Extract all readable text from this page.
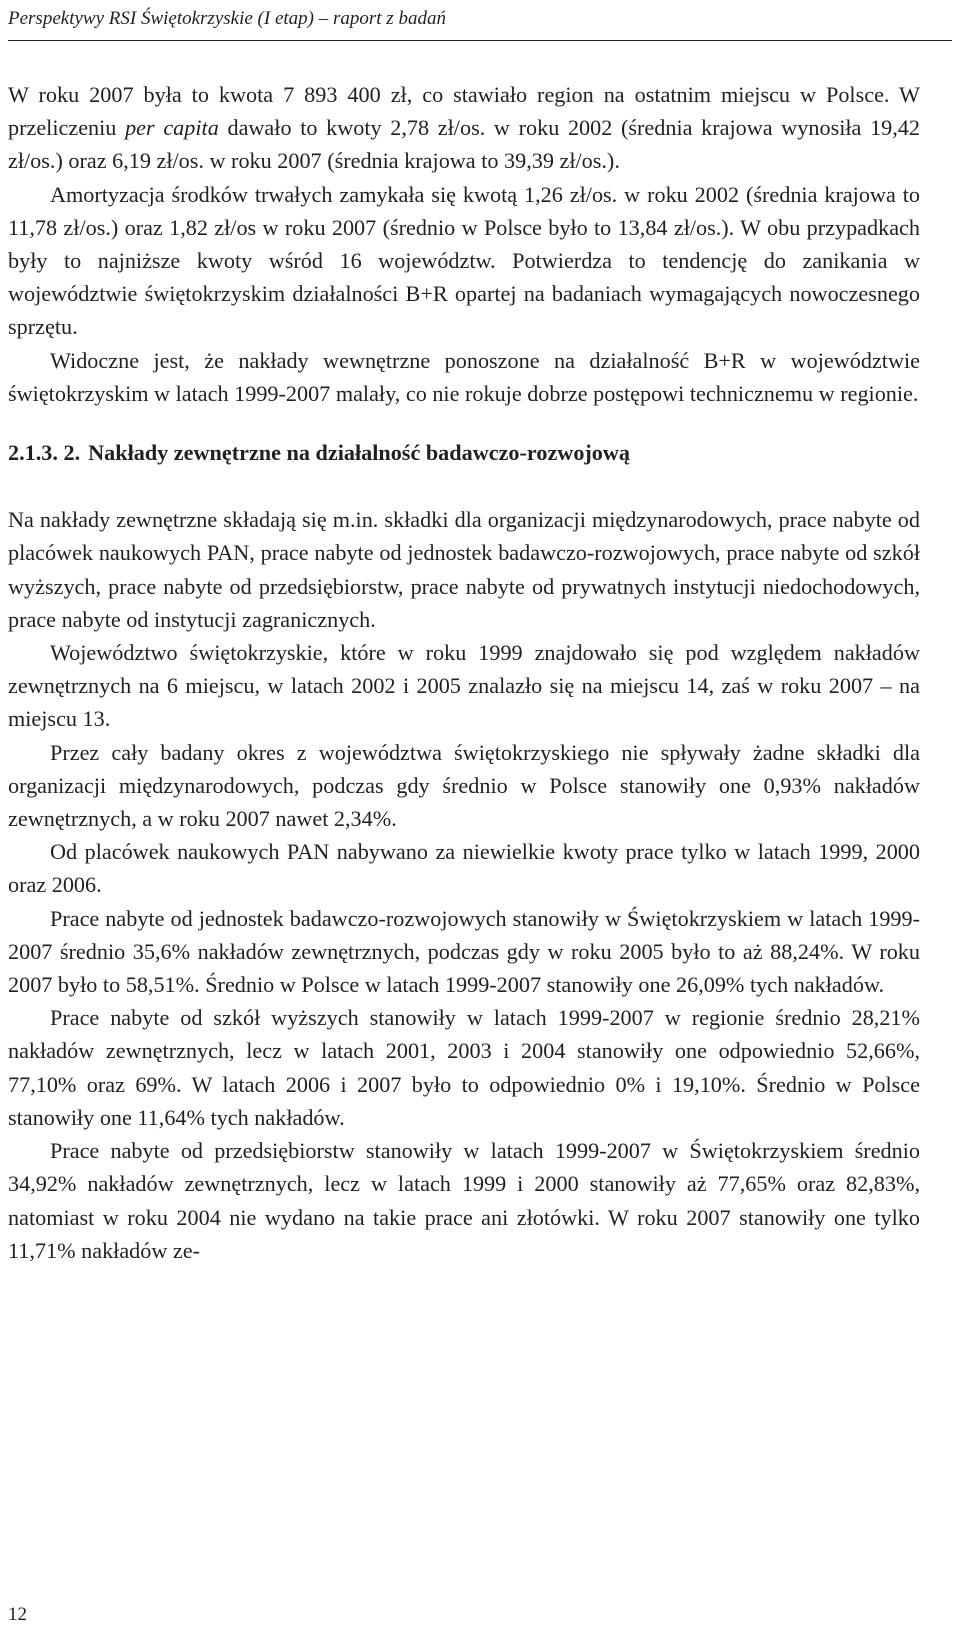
Perspektywy RSI Świętokrzyskie (I etap) – raport z badań

W roku 2007 była to kwota 7 893 400 zł, co stawiało region na ostatnim miejscu w Polsce. W przeliczeniu per capita dawało to kwoty 2,78 zł/os. w roku 2002 (średnia krajowa wynosiła 19,42 zł/os.) oraz 6,19 zł/os. w roku 2007 (średnia krajowa to 39,39 zł/os.).

Amortyzacja środków trwałych zamykała się kwotą 1,26 zł/os. w roku 2002 (średnia krajowa to 11,78 zł/os.) oraz 1,82 zł/os w roku 2007 (średnio w Polsce było to 13,84 zł/os.). W obu przypadkach były to najniższe kwoty wśród 16 województw. Potwierdza to tendencję do zanikania w województwie świętokrzyskim działalności B+R opartej na badaniach wymagających nowoczesnego sprzętu.

Widoczne jest, że nakłady wewnętrzne ponoszone na działalność B+R w województwie świętokrzyskim w latach 1999-2007 malały, co nie rokuje dobrze postępowi technicznemu w regionie.

2.1.3. 2. Nakłady zewnętrzne na działalność badawczo-rozwojową

Na nakłady zewnętrzne składają się m.in. składki dla organizacji międzynarodowych, prace nabyte od placówek naukowych PAN, prace nabyte od jednostek badawczo-rozwojowych, prace nabyte od szkół wyższych, prace nabyte od przedsiębiorstw, prace nabyte od prywatnych instytucji niedochodowych, prace nabyte od instytucji zagranicznych.

Województwo świętokrzyskie, które w roku 1999 znajdowało się pod względem nakładów zewnętrznych na 6 miejscu, w latach 2002 i 2005 znalazło się na miejscu 14, zaś w roku 2007 – na miejscu 13.

Przez cały badany okres z województwa świętokrzyskiego nie spływały żadne składki dla organizacji międzynarodowych, podczas gdy średnio w Polsce stanowiły one 0,93% nakładów zewnętrznych, a w roku 2007 nawet 2,34%.

Od placówek naukowych PAN nabywano za niewielkie kwoty prace tylko w latach 1999, 2000 oraz 2006.

Prace nabyte od jednostek badawczo-rozwojowych stanowiły w Świętokrzyskiem w latach 1999-2007 średnio 35,6% nakładów zewnętrznych, podczas gdy w roku 2005 było to aż 88,24%. W roku 2007 było to 58,51%. Średnio w Polsce w latach 1999-2007 stanowiły one 26,09% tych nakładów.

Prace nabyte od szkół wyższych stanowiły w latach 1999-2007 w regionie średnio 28,21% nakładów zewnętrznych, lecz w latach 2001, 2003 i 2004 stanowiły one odpowiednio 52,66%, 77,10% oraz 69%. W latach 2006 i 2007 było to odpowiednio 0% i 19,10%. Średnio w Polsce stanowiły one 11,64% tych nakładów.

Prace nabyte od przedsiębiorstw stanowiły w latach 1999-2007 w Świętokrzyskiem średnio 34,92% nakładów zewnętrznych, lecz w latach 1999 i 2000 stanowiły aż 77,65% oraz 82,83%, natomiast w roku 2004 nie wydano na takie prace ani złotówki. W roku 2007 stanowiły one tylko 11,71% nakładów ze-

12
